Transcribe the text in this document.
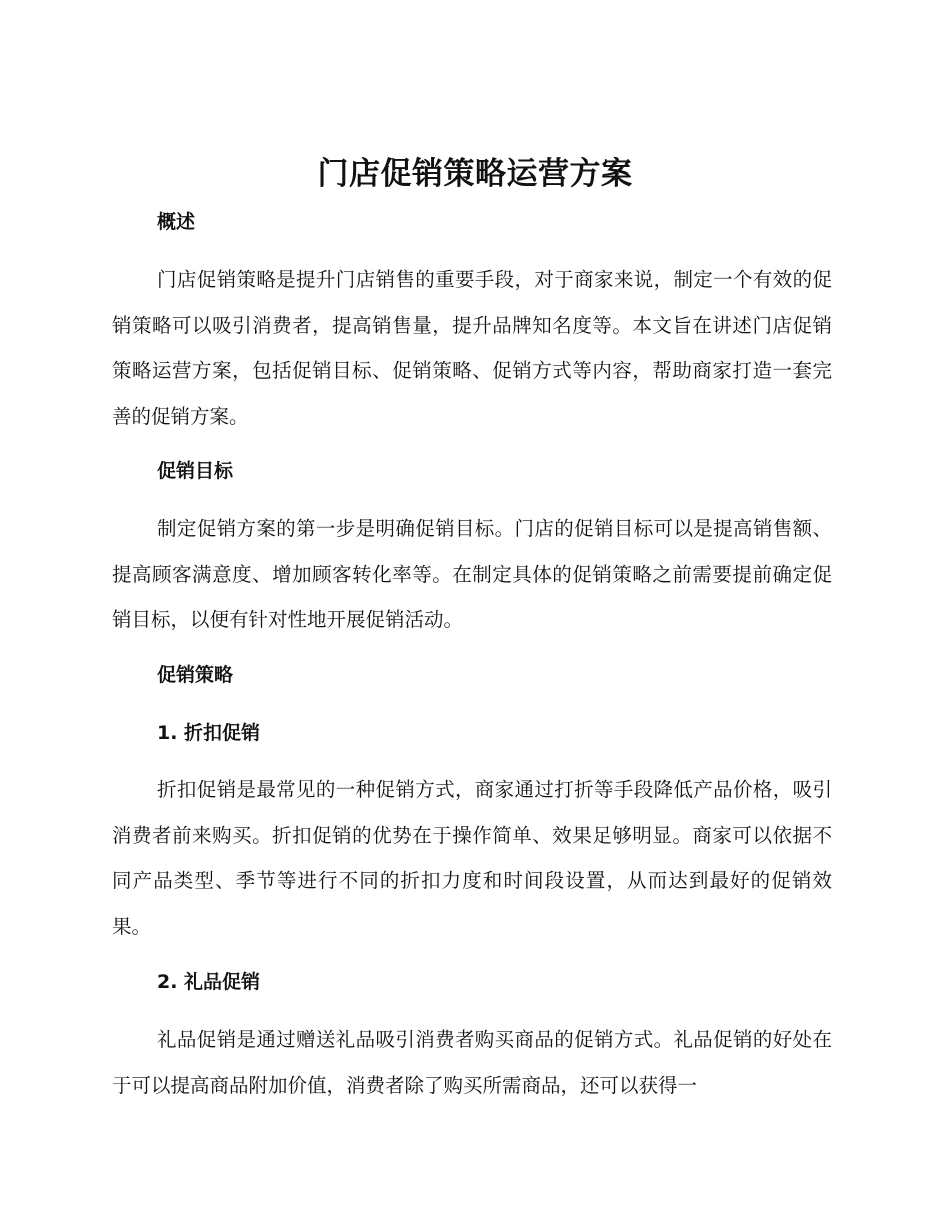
门店促销策略运营方案
概述

门店促销策略是提升门店销售的重要手段，对于商家来说，制定一个有效的促销策略可以吸引消费者，提高销售量，提升品牌知名度等。本文旨在讲述门店促销策略运营方案，包括促销目标、促销策略、促销方式等内容，帮助商家打造一套完善的促销方案。

促销目标

制定促销方案的第一步是明确促销目标。门店的促销目标可以是提高销售额、提高顾客满意度、增加顾客转化率等。在制定具体的促销策略之前需要提前确定促销目标，以便有针对性地开展促销活动。

促销策略
1. 折扣促销

折扣促销是最常见的一种促销方式，商家通过打折等手段降低产品价格，吸引消费者前来购买。折扣促销的优势在于操作简单、效果足够明显。商家可以依据不同产品类型、季节等进行不同的折扣力度和时间段设置，从而达到最好的促销效果。

2. 礼品促销

礼品促销是通过赠送礼品吸引消费者购买商品的促销方式。礼品促销的好处在于可以提高商品附加价值，消费者除了购买所需商品，还可以获得一
